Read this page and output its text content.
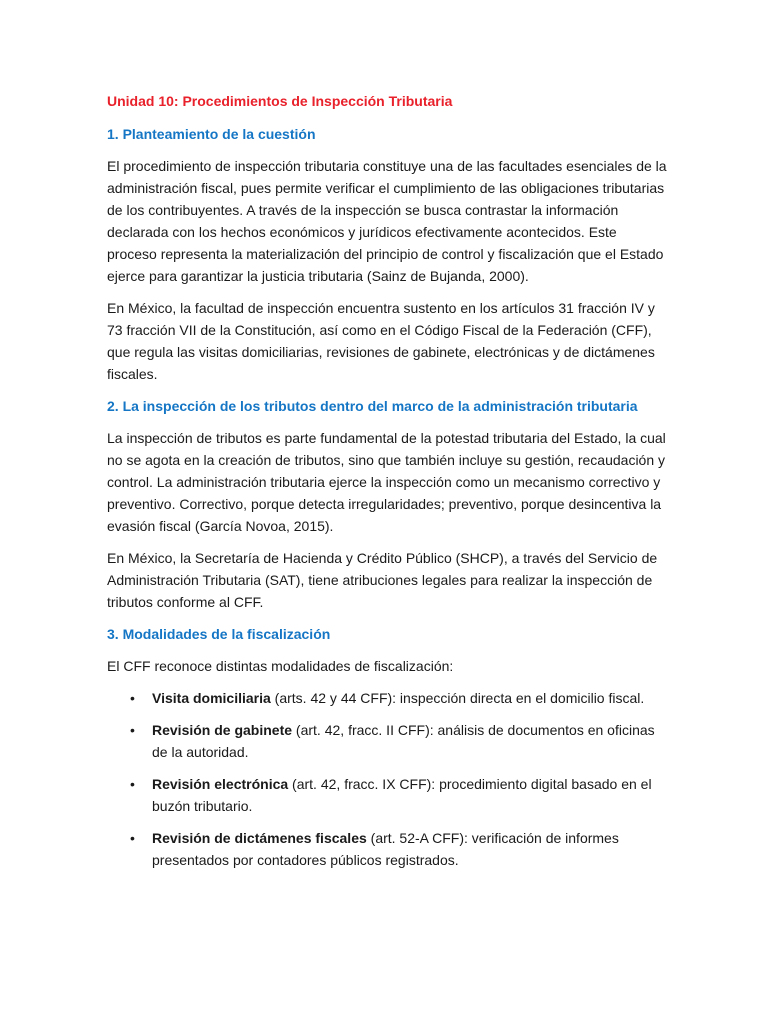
Unidad 10: Procedimientos de Inspección Tributaria
1. Planteamiento de la cuestión

El procedimiento de inspección tributaria constituye una de las facultades esenciales de la administración fiscal, pues permite verificar el cumplimiento de las obligaciones tributarias de los contribuyentes. A través de la inspección se busca contrastar la información declarada con los hechos económicos y jurídicos efectivamente acontecidos. Este proceso representa la materialización del principio de control y fiscalización que el Estado ejerce para garantizar la justicia tributaria (Sainz de Bujanda, 2000).

En México, la facultad de inspección encuentra sustento en los artículos 31 fracción IV y 73 fracción VII de la Constitución, así como en el Código Fiscal de la Federación (CFF), que regula las visitas domiciliarias, revisiones de gabinete, electrónicas y de dictámenes fiscales.

2. La inspección de los tributos dentro del marco de la administración tributaria

La inspección de tributos es parte fundamental de la potestad tributaria del Estado, la cual no se agota en la creación de tributos, sino que también incluye su gestión, recaudación y control. La administración tributaria ejerce la inspección como un mecanismo correctivo y preventivo. Correctivo, porque detecta irregularidades; preventivo, porque desincentiva la evasión fiscal (García Novoa, 2015).

En México, la Secretaría de Hacienda y Crédito Público (SHCP), a través del Servicio de Administración Tributaria (SAT), tiene atribuciones legales para realizar la inspección de tributos conforme al CFF.

3. Modalidades de la fiscalización

El CFF reconoce distintas modalidades de fiscalización:

• Visita domiciliaria (arts. 42 y 44 CFF): inspección directa en el domicilio fiscal.
• Revisión de gabinete (art. 42, fracc. II CFF): análisis de documentos en oficinas de la autoridad.
• Revisión electrónica (art. 42, fracc. IX CFF): procedimiento digital basado en el buzón tributario.
• Revisión de dictámenes fiscales (art. 52-A CFF): verificación de informes presentados por contadores públicos registrados.
